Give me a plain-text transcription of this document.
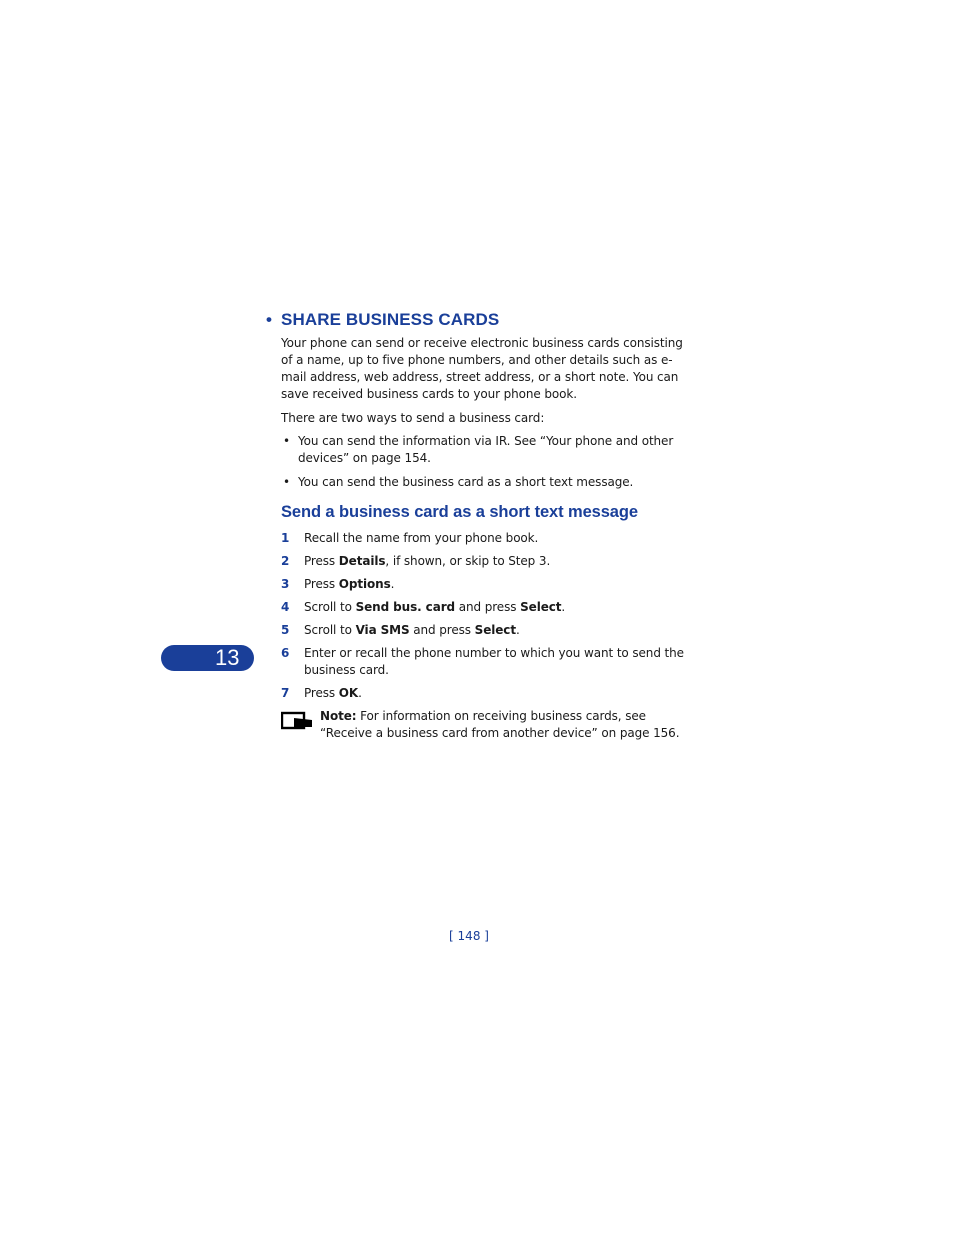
• SHARE BUSINESS CARDS

Your phone can send or receive electronic business cards consisting of a name, up to five phone numbers, and other details such as e-mail address, web address, street address, or a short note. You can save received business cards to your phone book.

There are two ways to send a business card:

• You can send the information via IR. See “Your phone and other devices” on page 154.
• You can send the business card as a short text message.
Send a business card as a short text message
1 Recall the name from your phone book.
2 Press Details, if shown, or skip to Step 3.
3 Press Options.
4 Scroll to Send bus. card and press Select.
5 Scroll to Via SMS and press Select.
6 Enter or recall the phone number to which you want to send the business card.
7 Press OK.
Note: For information on receiving business cards, see “Receive a business card from another device” on page 156.
13
[ 148 ]
